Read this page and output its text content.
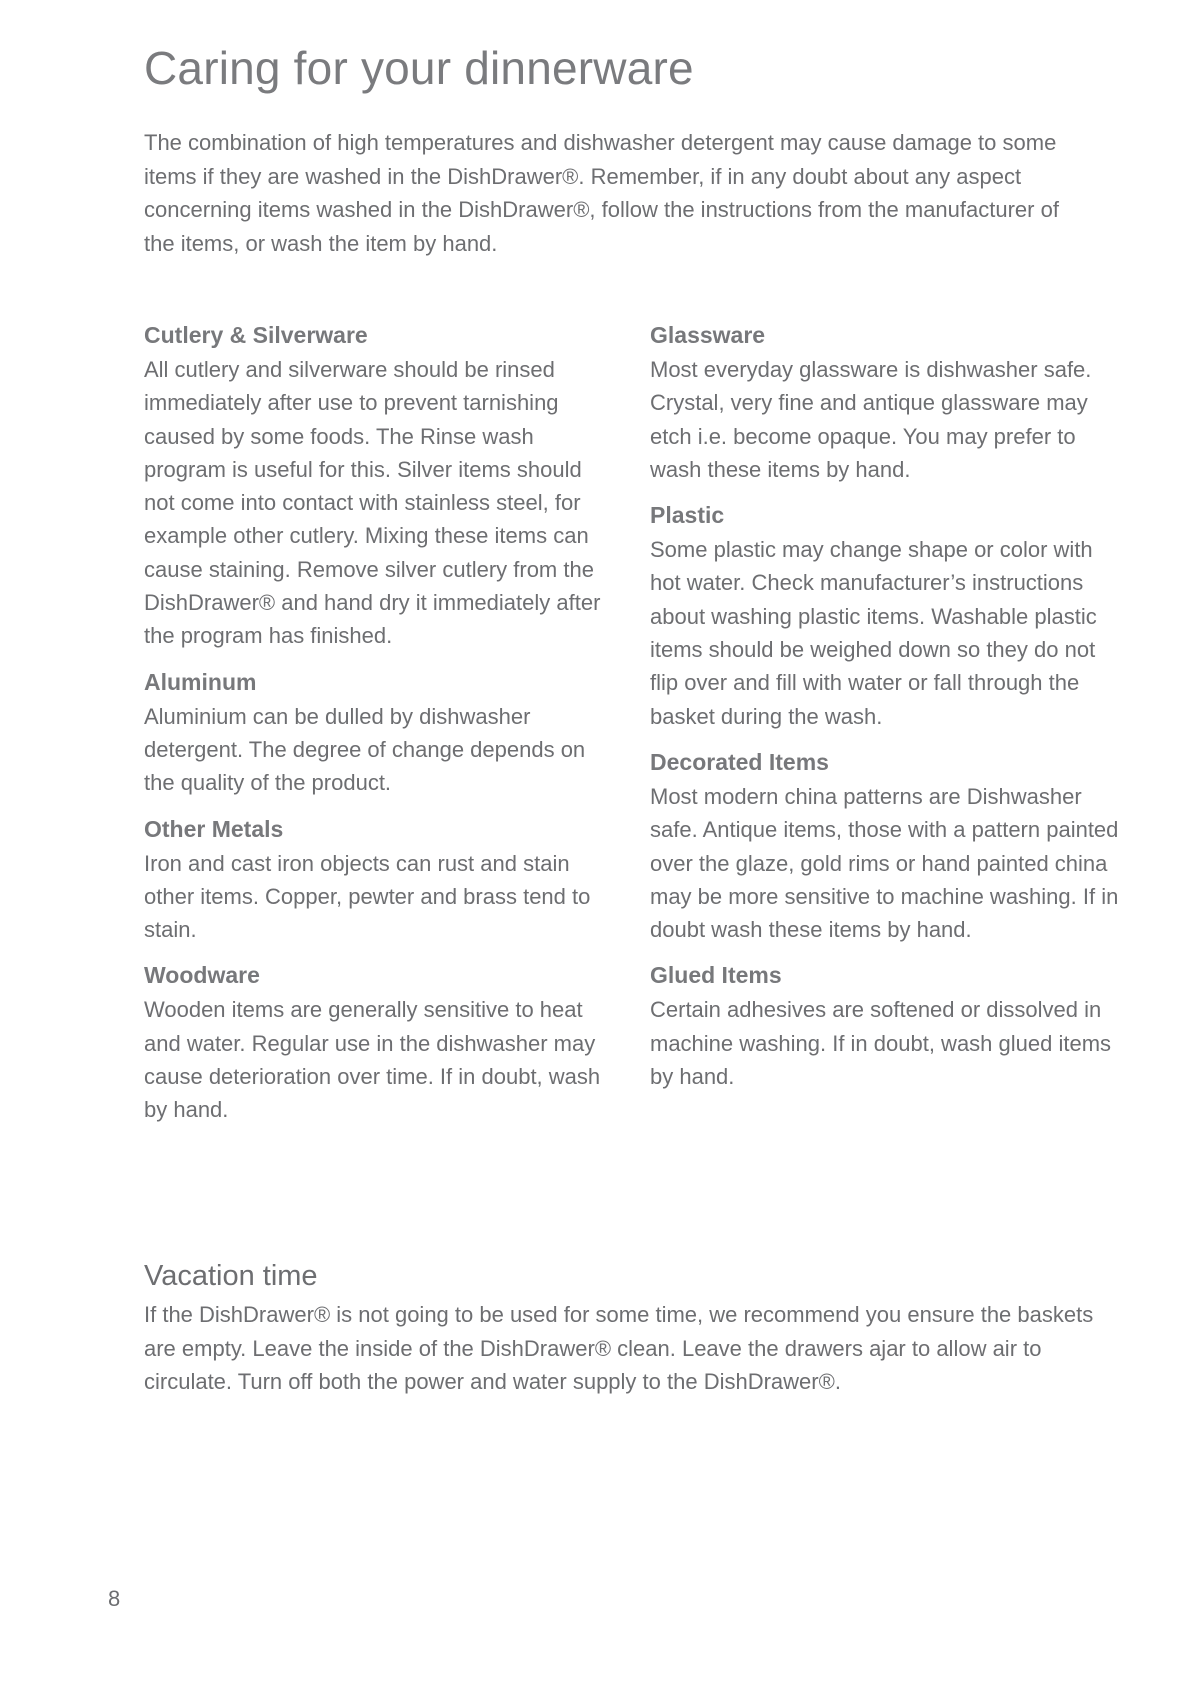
Caring for your dinnerware

The combination of high temperatures and dishwasher detergent may cause damage to some items if they are washed in the DishDrawer®. Remember, if in any doubt about any aspect concerning items washed in the DishDrawer®, follow the instructions from the manufacturer of the items, or wash the item by hand.

Cutlery & Silverware

All cutlery and silverware should be rinsed immediately after use to prevent tarnishing caused by some foods. The Rinse wash program is useful for this. Silver items should not come into contact with stainless steel, for example other cutlery. Mixing these items can cause staining. Remove silver cutlery from the DishDrawer® and hand dry it immediately after the program has finished.

Aluminum

Aluminium can be dulled by dishwasher detergent. The degree of change depends on the quality of the product.

Other Metals

Iron and cast iron objects can rust and stain other items. Copper, pewter and brass tend to stain.

Woodware

Wooden items are generally sensitive to heat and water. Regular use in the dishwasher may cause deterioration over time. If in doubt, wash by hand.

Glassware

Most everyday glassware is dishwasher safe. Crystal, very fine and antique glassware may etch i.e. become opaque. You may prefer to wash these items by hand.

Plastic

Some plastic may change shape or color with hot water. Check manufacturer’s instructions about washing plastic items. Washable plastic items should be weighed down so they do not flip over and fill with water or fall through the basket during the wash.

Decorated Items

Most modern china patterns are Dishwasher safe. Antique items, those with a pattern painted over the glaze, gold rims or hand painted china may be more sensitive to machine washing. If in doubt wash these items by hand.

Glued Items

Certain adhesives are softened or dissolved in machine washing. If in doubt, wash glued items by hand.

Vacation time

If the DishDrawer® is not going to be used for some time, we recommend you ensure the baskets are empty. Leave the inside of the DishDrawer® clean. Leave the drawers ajar to allow air to circulate. Turn off both the power and water supply to the DishDrawer®.

8
